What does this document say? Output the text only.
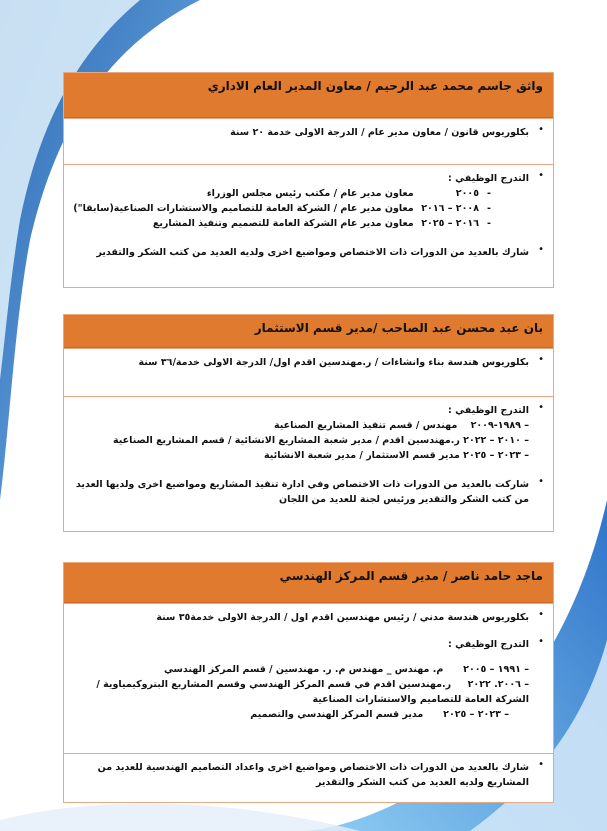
واثق جاسم محمد عبد الرحيم / معاون المدير العام الاداري
•
بكلوريوس قانون / معاون مدير عام / الدرجة الاولى خدمة ٢٠ سنة
•
التدرج الوظيفي :
-٢٠٠٥ معاون مدير عام / مكتب رئيس مجلس الوزراء
-٢٠٠٨ – ٢٠١٦ معاون مدير عام / الشركة العامة للتصاميم والاستشارات الصناعية(سابقا")
-٢٠١٦ – ٢٠٢٥ معاون مدير عام الشركة العامة للتصميم وتنفيذ المشاريع
•
شارك بالعديد من الدورات ذات الاختصاص ومواضيع اخرى ولديه العديد من كتب الشكر والتقدير
بان عبد محسن عبد الصاحب /مدير قسم الاستثمار
•
بكلوريوس هندسة بناء وانشاءات / ر.مهندسين اقدم اول/ الدرجة الاولى خدمة/٣٦ سنة
•
التدرج الوظيفي :
– ١٩٨٩-٢٠٠٩    مهندس / قسم تنفيذ المشاريع الصناعية
– ٢٠١٠ – ٢٠٢٢ ر.مهندسين اقدم / مدير شعبة المشاريع الانشائية / قسم المشاريع الصناعية
– ٢٠٢٣ – ٢٠٢٥ مدير قسم الاستثمار / مدير شعبة الانشائية
•
شاركت بالعديد من الدورات ذات الاختصاص وفي ادارة تنفيذ المشاريع ومواضيع اخرى ولديها العديد من كتب الشكر والتقدير ورئيس لجنة للعديد من اللجان
ماجد حامد ناصر / مدير قسم المركز الهندسي
•
بكلوريوس هندسة مدني / رئيس مهندسين اقدم اول / الدرجة الاولى خدمة٣٥ سنة
•
التدرج الوظيفي :
– ١٩٩١ – ٢٠٠٥      م. مهندس _ مهندس م. ر. مهندسين / قسم المركز الهندسي
– ٢٠٠٦. ٢٠٢٢     ر.مهندسين اقدم في قسم المركز الهندسي وقسم المشاريع البتروكيمياوية / الشركة العامة للتصاميم والاستشارات الصناعية
– ٢٠٢٣ – ٢٠٢٥      مدير قسم المركز الهندسي والتصميم
•
شارك بالعديد من الدورات ذات الاختصاص ومواضيع اخرى واعداد التصاميم الهندسية للعديد من المشاريع ولديه العديد من كتب الشكر والتقدير
